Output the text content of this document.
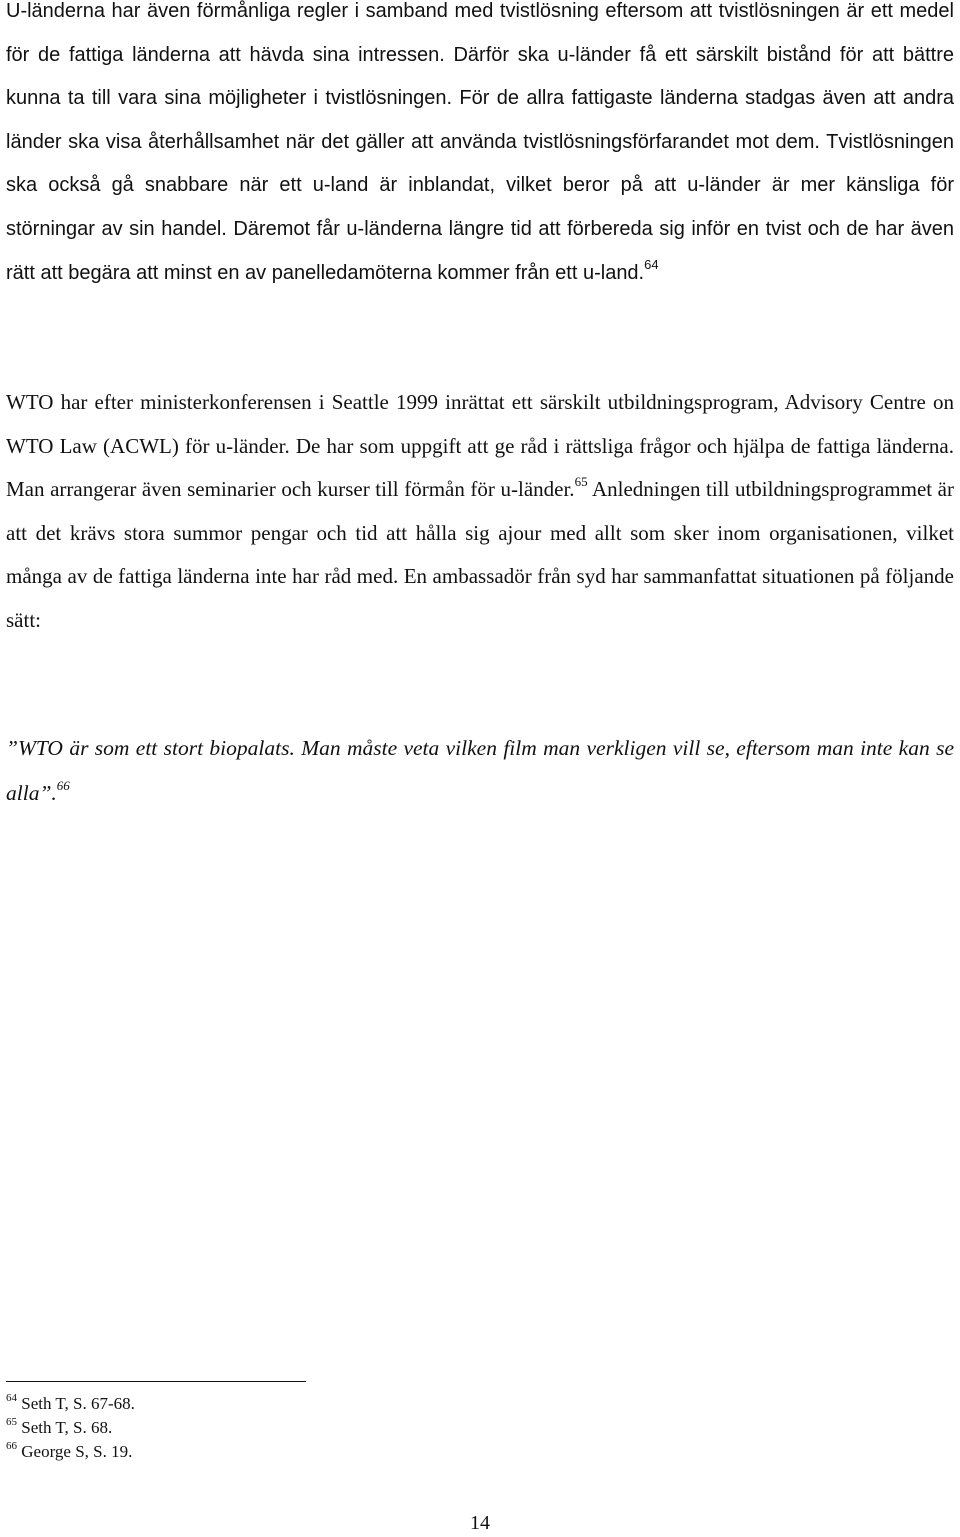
U-länderna har även förmånliga regler i samband med tvistlösning eftersom att tvistlösningen är ett medel för de fattiga länderna att hävda sina intressen. Därför ska u-länder få ett särskilt bistånd för att bättre kunna ta till vara sina möjligheter i tvistlösningen. För de allra fattigaste länderna stadgas även att andra länder ska visa återhållsamhet när det gäller att använda tvistlösningsförfarandet mot dem. Tvistlösningen ska också gå snabbare när ett u-land är inblandat, vilket beror på att u-länder är mer känsliga för störningar av sin handel. Däremot får u-länderna längre tid att förbereda sig inför en tvist och de har även rätt att begära att minst en av panelledamöterna kommer från ett u-land.$^{64}$

WTO har efter ministerkonferensen i Seattle 1999 inrättat ett särskilt utbildningsprogram, Advisory Centre on WTO Law (ACWL) för u-länder. De har som uppgift att ge råd i rättsliga frågor och hjälpa de fattiga länderna. Man arrangerar även seminarier och kurser till förmån för u-länder.$^{65}$ Anledningen till utbildningsprogrammet är att det krävs stora summor pengar och tid att hålla sig ajour med allt som sker inom organisationen, vilket många av de fattiga länderna inte har råd med. En ambassadör från syd har sammanfattat situationen på följande sätt:

”WTO är som ett stort biopalats. Man måste veta vilken film man verkligen vill se, eftersom man inte kan se alla”.$^{66}$

$^{64}$ Seth T, S. 67-68.
$^{65}$ Seth T, S. 68.
$^{66}$ George S, S. 19.
14
